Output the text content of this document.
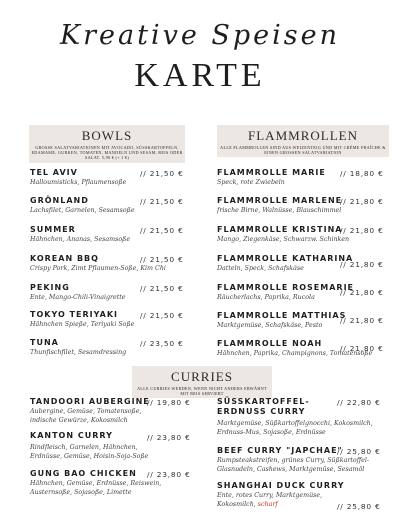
Kreative Speisen
KARTE
BOWLS
GROSSE SALATVARIATIONEN MIT AVOCADO, SÜSSKARTOFFELN, EDAMAME, GURKEN, TOMATEN, MANDELN UND SESAM. REIS ODER SALAT. 5,90 € (+ 1 €)
FLAMMROLLEN
ALLE FLAMMROLLEN SIND AUS WEIZENTEIG UND MIT CRÈME FRAÎCHE & EINEN GROSSEN SALATVARIATION
TEL AVIV
Halloumisticks, Pflaumensoße
// 21,50 €
GRÖNLAND
Lachsfilet, Garnelen, Sesamsoße
// 21,50 €
SUMMER
Hähnchen, Ananas, Sesamsoße
// 21,50 €
KOREAN BBQ
Crispy Pork, Zimt Pflaumen-Soße, Kim Chi
// 21,50 €
PEKING
Ente, Mango-Chili-Vinaigrette
// 21,50 €
TOKYO TERIYAKI
Hähnchen Spieße, Teriyaki Soße
// 21,50 €
TUNA
Thunfischfilet, Sesamdressing
// 23,50 €
FLAMMROLLE MARIE
Speck, rote Zwiebeln
// 18,80 €
FLAMMROLLE MARLENE
frische Birne, Walnüsse, Blauschimmel
// 21,80 €
FLAMMROLLE KRISTINA
Mango, Ziegenkäse, Schwarzw. Schinken
// 21,80 €
FLAMMROLLE KATHARINA
Datteln, Speck, Schafskäse	// 21,80 €
FLAMMROLLE ROSEMARIE
Räucherlachs, Paprika, Rucola
// 21,80 €
FLAMMROLLE MATTHIAS
Marktgemüse, Schafskäse, Pesto
// 21,80 €
FLAMMROLLE NOAH
Hähnchen, Paprika, Champignons, Tomatensoße
// 21,80 €
CURRIES
ALLE CURRIES WERDEN, WENN NICHT ANDERS ERWÄHNT MIT REIS SERVIERT
TANDOORI AUBERGINE
Aubergine, Gemüse, Tomatensoße,
indische Gewürze, Kokosmilch
// 19,80 €
KANTON CURRY
Rindfleisch, Garnelen, Hähnchen,
Erdnüsse, Gemüse, Hoisin-Soja-Soße
// 23,80 €
GUNG BAO CHICKEN
Hähnchen, Gemüse, Erdnüsse, Reiswein,
Austernsoße, Sojasoße, Limette
// 23,80 €
SÜSSKARTOFFEL-
ERDNUSS CURRY
Marktgemüse, Süßkartoffelgnocchi, Kokosmilch,
Erdnuss-Mus, Sojasoße, Erdnüsse
// 22,80 €
BEEF CURRY "JAPCHAE"
Rumpsteakstreifen, grünes Curry, Süßkartoffel-
Glasnudeln, Cashews, Marktgemüse, Sesamöl
// 25,80 €
SHANGHAI DUCK CURRY
Ente, rotes Curry, Marktgemüse,
Kokosmilch, scharf	// 25,80 €
